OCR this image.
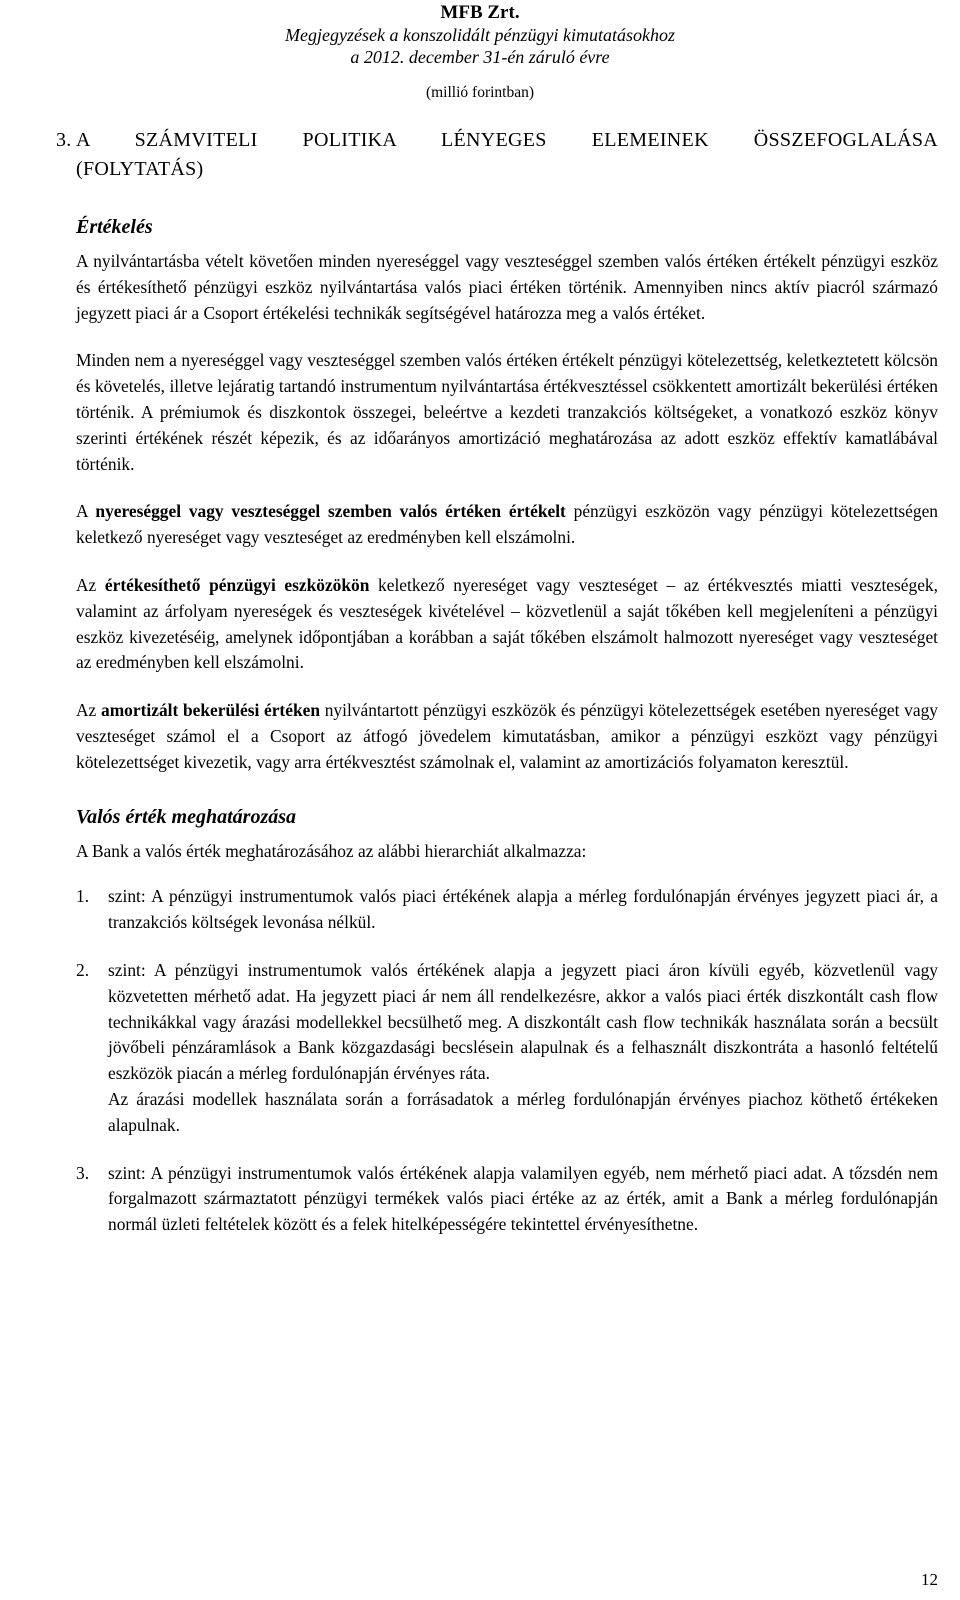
MFB Zrt.
Megjegyzések a konszolidált pénzügyi kimutatásokhoz
a 2012. december 31-én záruló évre
(millió forintban)
3. A SZÁMVITELI POLITIKA LÉNYEGES ELEMEINEK ÖSSZEFOGLALÁSA
(FOLYTATÁS)
Értékelés

A nyilvántartásba vételt követően minden nyereséggel vagy veszteséggel szemben valós értéken értékelt pénzügyi eszköz és értékesíthető pénzügyi eszköz nyilvántartása valós piaci értéken történik. Amennyiben nincs aktív piacról származó jegyzett piaci ár a Csoport értékelési technikák segítségével határozza meg a valós értéket.

Minden nem a nyereséggel vagy veszteséggel szemben valós értéken értékelt pénzügyi kötelezettség, keletkeztetett kölcsön és követelés, illetve lejáratig tartandó instrumentum nyilvántartása értékvesztéssel csökkentett amortizált bekerülési értéken történik. A prémiumok és diszkontok összegei, beleértve a kezdeti tranzakciós költségeket, a vonatkozó eszköz könyv szerinti értékének részét képezik, és az időarányos amortizáció meghatározása az adott eszköz effektív kamatlábával történik.

A nyereséggel vagy veszteséggel szemben valós értéken értékelt pénzügyi eszközön vagy pénzügyi kötelezettségen keletkező nyereséget vagy veszteséget az eredményben kell elszámolni.

Az értékesíthető pénzügyi eszközökön keletkező nyereséget vagy veszteséget – az értékvesztés miatti veszteségek, valamint az árfolyam nyereségek és veszteségek kivételével – közvetlenül a saját tőkében kell megjeleníteni a pénzügyi eszköz kivezetéséig, amelynek időpontjában a korábban a saját tőkében elszámolt halmozott nyereséget vagy veszteséget az eredményben kell elszámolni.

Az amortizált bekerülési értéken nyilvántartott pénzügyi eszközök és pénzügyi kötelezettségek esetében nyereséget vagy veszteséget számol el a Csoport az átfogó jövedelem kimutatásban, amikor a pénzügyi eszközt vagy pénzügyi kötelezettséget kivezetik, vagy arra értékvesztést számolnak el, valamint az amortizációs folyamaton keresztül.

Valós érték meghatározása

A Bank a valós érték meghatározásához az alábbi hierarchiát alkalmazza:

1. szint: A pénzügyi instrumentumok valós piaci értékének alapja a mérleg fordulónapján érvényes jegyzett piaci ár, a tranzakciós költségek levonása nélkül.
2. szint: A pénzügyi instrumentumok valós értékének alapja a jegyzett piaci áron kívüli egyéb, közvetlenül vagy közvetetten mérhető adat. Ha jegyzett piaci ár nem áll rendelkezésre, akkor a valós piaci érték diszkontált cash flow technikákkal vagy árazási modellekkel becsülhető meg. A diszkontált cash flow technikák használata során a becsült jövőbeli pénzáramlások a Bank közgazdasági becslésein alapulnak és a felhasznált diszkontráta a hasonló feltételű eszközök piacán a mérleg fordulónapján érvényes ráta.
Az árazási modellek használata során a forrásadatok a mérleg fordulónapján érvényes piachoz köthető értékeken alapulnak.
3. szint: A pénzügyi instrumentumok valós értékének alapja valamilyen egyéb, nem mérhető piaci adat. A tőzsdén nem forgalmazott származtatott pénzügyi termékek valós piaci értéke az az érték, amit a Bank a mérleg fordulónapján normál üzleti feltételek között és a felek hitelképességére tekintettel érvényesíthetne.
12
